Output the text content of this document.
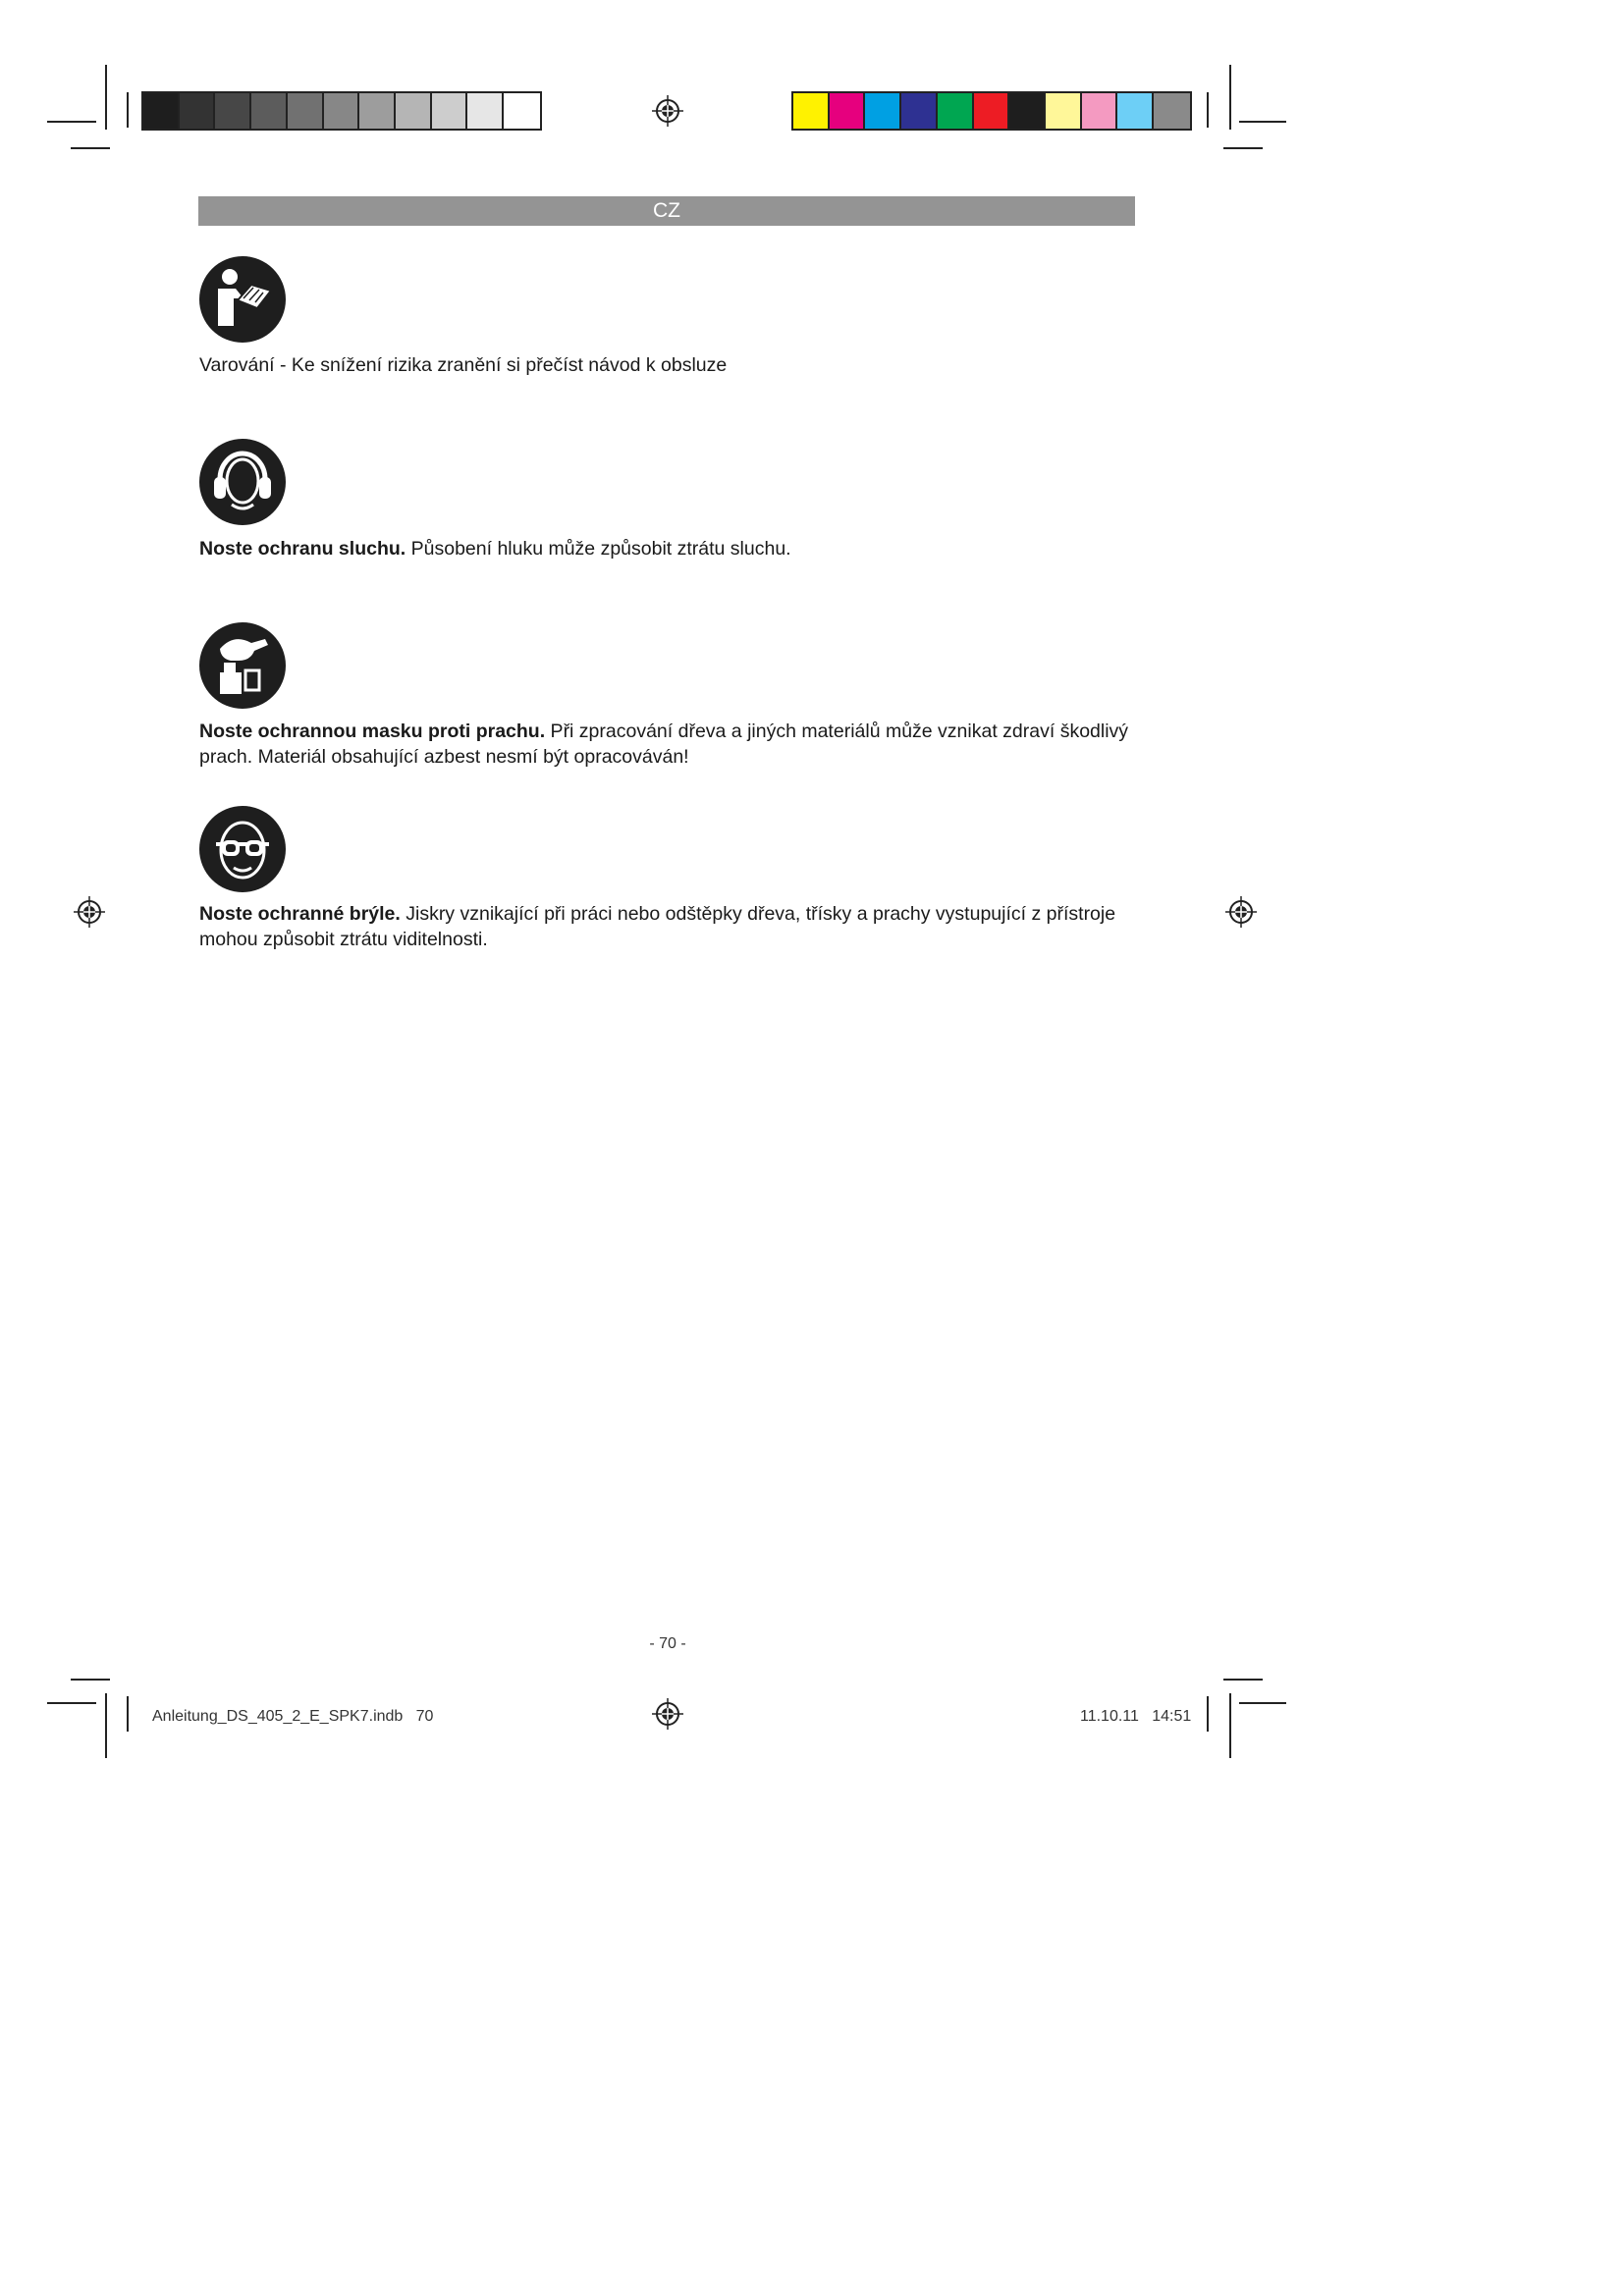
CZ
Varování - Ke snížení rizika zranění si přečíst návod k obsluze
Noste ochranu sluchu. Působení hluku může způsobit ztrátu sluchu.
Noste ochrannou masku proti prachu. Při zpracování dřeva a jiných materiálů může vznikat zdraví škodlivý prach. Materiál obsahující azbest nesmí být opracováván!
Noste ochranné brýle. Jiskry vznikající při práci nebo odštěpky dřeva, třísky a prachy vystupující z přístroje mohou způsobit ztrátu viditelnosti.
- 70 -
Anleitung_DS_405_2_E_SPK7.indb   70	11.10.11   14:51
